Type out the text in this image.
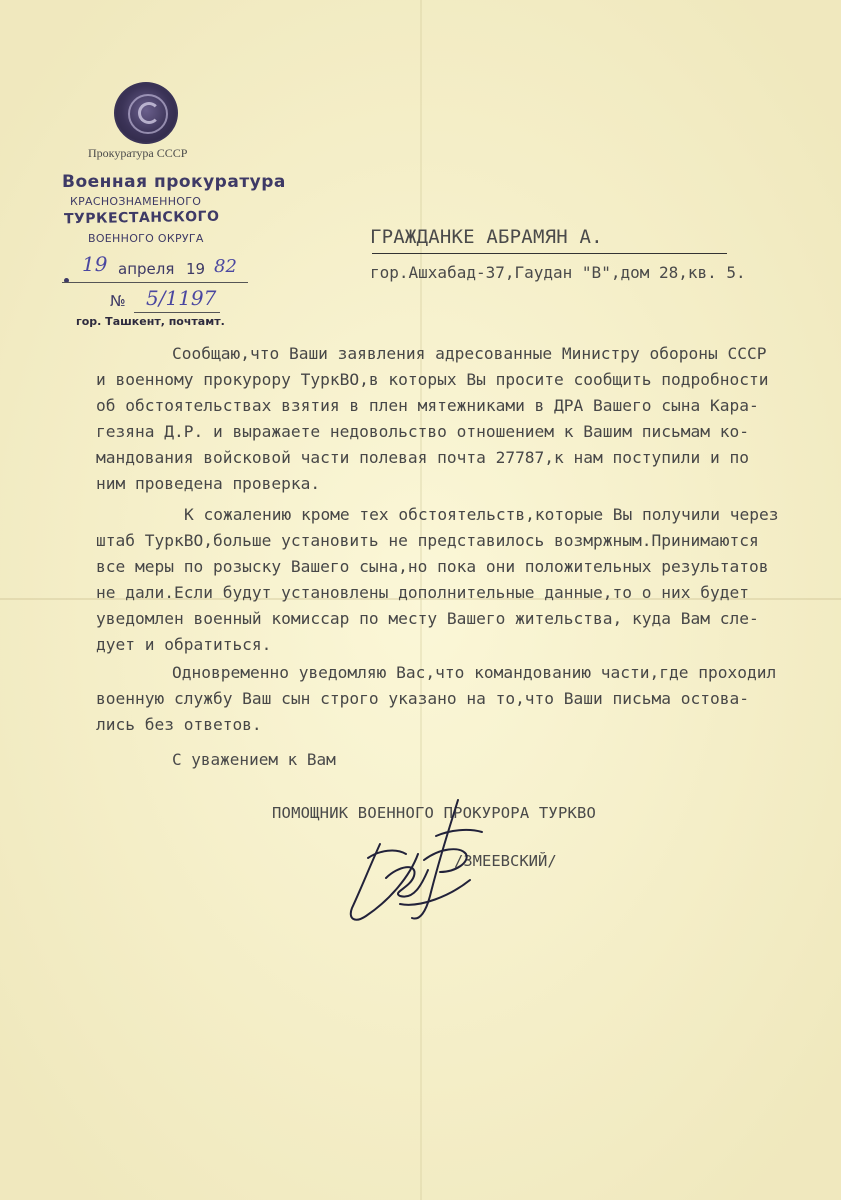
Прокуратура СССР
Военная прокуратура
КРАСНОЗНАМЕННОГО
ТУРКЕСТАНСКОГО
ВОЕННОГО ОКРУГА
19 апреля 19 82
№ 5/1197
гор. Ташкент, почтамт.
ГРАЖДАНКЕ АБРАМЯН А.
гор.Ашхабад-37,Гаудан "В",дом 28,кв. 5.
Сообщаю,что Ваши заявления адресованные Министру обороны СССР
и военному прокурору ТуркВО,в которых Вы просите сообщить подробности
об обстоятельствах взятия в плен мятежниками в ДРА Вашего сына Кара-
гезяна Д.Р. и выражаете недовольство отношением к Вашим письмам ко-
мандования войсковой части полевая почта 27787,к нам поступили и по
ним проведена проверка.
К сожалению кроме тех обстоятельств,которые Вы получили через
штаб ТуркВО,больше установить не представилось возмржным.Принимаются
все меры по розыску Вашего сына,но пока они положительных результатов
не дали.Если будут установлены дополнительные данные,то о них будет
уведомлен военный комиссар по месту Вашего жительства, куда Вам сле-
дует и обратиться.
Одновременно уведомляю Вас,что командованию части,где проходил
военную службу Ваш сын строго указано на то,что Ваши письма остова-
лись без ответов.
С уважением к Вам
ПОМОЩНИК ВОЕННОГО ПРОКУРОРА ТУРКВО
/ЗМЕЕВСКИЙ/
